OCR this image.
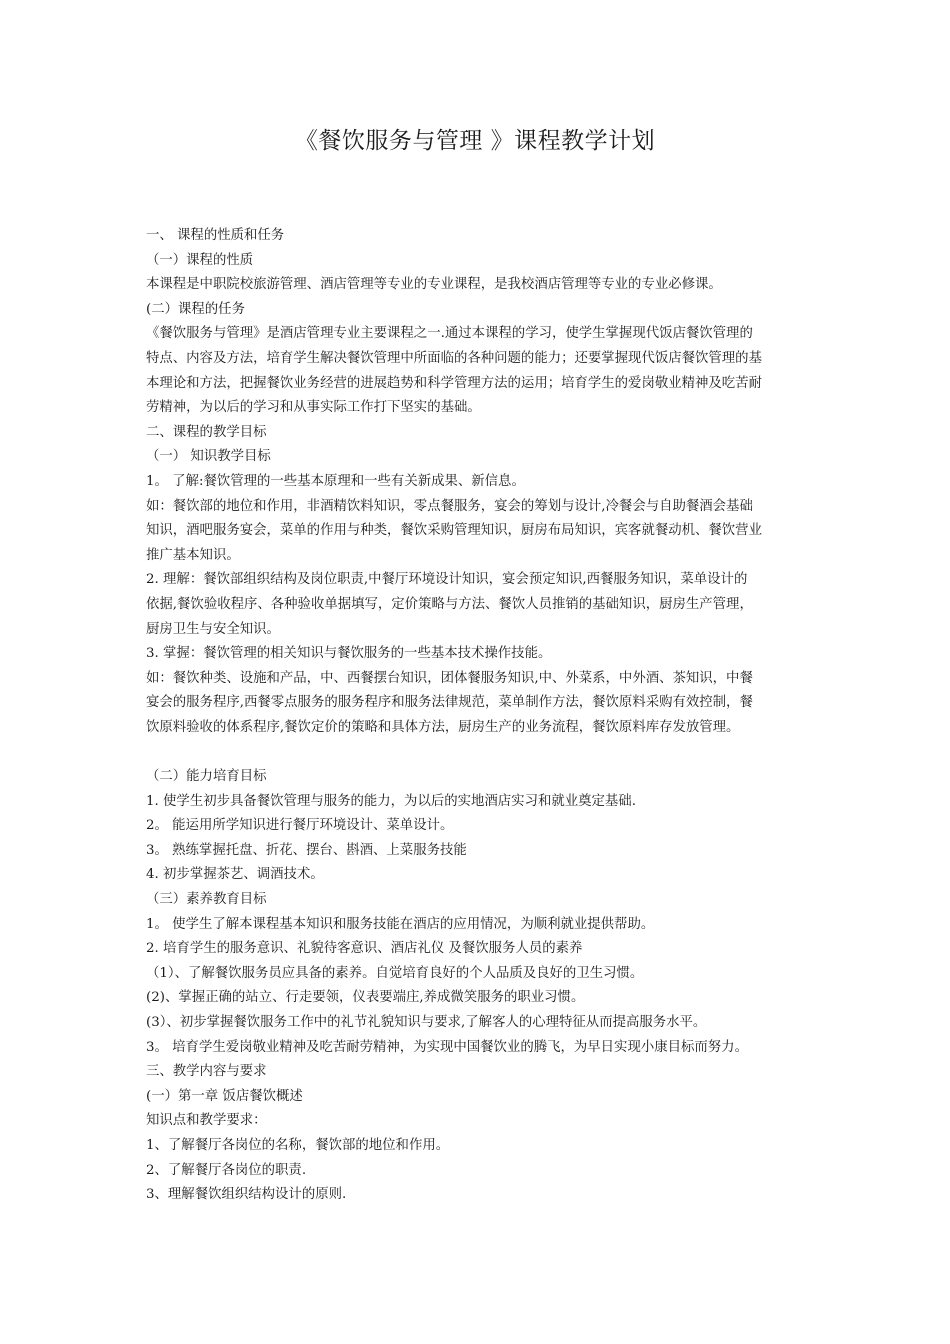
《餐饮服务与管理 》课程教学计划
一、 课程的性质和任务
（一）课程的性质
本课程是中职院校旅游管理、酒店管理等专业的专业课程，是我校酒店管理等专业的专业必修课。
(二）课程的任务
《餐饮服务与管理》是酒店管理专业主要课程之一.通过本课程的学习，使学生掌握现代饭店餐饮管理的
特点、内容及方法，培育学生解决餐饮管理中所面临的各种问题的能力；还要掌握现代饭店餐饮管理的基
本理论和方法，把握餐饮业务经营的进展趋势和科学管理方法的运用；培育学生的爱岗敬业精神及吃苦耐
劳精神，为以后的学习和从事实际工作打下坚实的基础。
二、课程的教学目标
（一） 知识教学目标
1。 了解:餐饮管理的一些基本原理和一些有关新成果、新信息。
如：餐饮部的地位和作用，非酒精饮料知识，零点餐服务，宴会的筹划与设计,冷餐会与自助餐酒会基础
知识，酒吧服务宴会，菜单的作用与种类，餐饮采购管理知识，厨房布局知识，宾客就餐动机、餐饮营业
推广基本知识。
2. 理解：餐饮部组织结构及岗位职责,中餐厅环境设计知识，宴会预定知识,西餐服务知识，菜单设计的
依据,餐饮验收程序、各种验收单据填写，定价策略与方法、餐饮人员推销的基础知识，厨房生产管理，
厨房卫生与安全知识。
3. 掌握：餐饮管理的相关知识与餐饮服务的一些基本技术操作技能。
如：餐饮种类、设施和产品，中、西餐摆台知识，团体餐服务知识,中、外菜系，中外酒、茶知识，中餐
宴会的服务程序,西餐零点服务的服务程序和服务法律规范，菜单制作方法，餐饮原料采购有效控制，餐
饮原料验收的体系程序,餐饮定价的策略和具体方法，厨房生产的业务流程，餐饮原料库存发放管理。
（二）能力培育目标
1. 使学生初步具备餐饮管理与服务的能力，为以后的实地酒店实习和就业奠定基础.
2。 能运用所学知识进行餐厅环境设计、菜单设计。
3。 熟练掌握托盘、折花、摆台、斟酒、上菜服务技能
4. 初步掌握茶艺、调酒技术。
（三）素养教育目标
1。 使学生了解本课程基本知识和服务技能在酒店的应用情况，为顺利就业提供帮助。
2. 培育学生的服务意识、礼貌待客意识、酒店礼仪 及餐饮服务人员的素养
（1）、了解餐饮服务员应具备的素养。自觉培育良好的个人品质及良好的卫生习惯。
(2)、掌握正确的站立、行走要领，仪表要端庄,养成微笑服务的职业习惯。
(3）、初步掌握餐饮服务工作中的礼节礼貌知识与要求,了解客人的心理特征从而提高服务水平。
3。 培育学生爱岗敬业精神及吃苦耐劳精神，为实现中国餐饮业的腾飞，为早日实现小康目标而努力。
三、教学内容与要求
(一）第一章 饭店餐饮概述
知识点和教学要求：
1、了解餐厅各岗位的名称，餐饮部的地位和作用。
2、了解餐厅各岗位的职责.
3、理解餐饮组织结构设计的原则.
